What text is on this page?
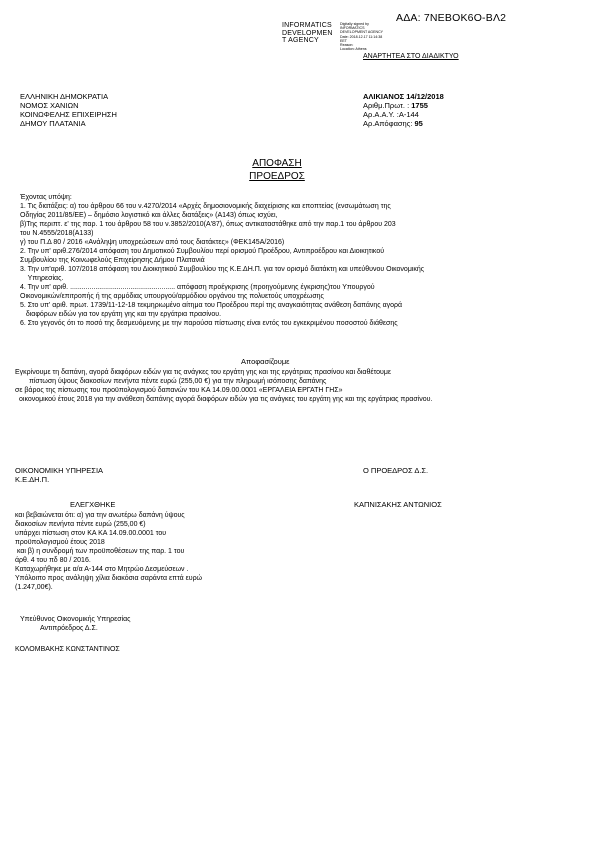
ΑΔΑ: 7ΝΕΒΟΚ6Ο-ΒΛ2
INFORMATICS
DEVELOPMEN
T AGENCY
Digitally signed by
INFORMATICS
DEVELOPMENT AGENCY
Date: 2018.12.17 11:14:38
EET
Reason:
Location: Athens
ΑΝΑΡΤΗΤΕΑ ΣΤΟ ΔΙΑΔΙΚΤΥΟ
ΕΛΛΗΝΙΚΗ ΔΗΜΟΚΡΑΤΙΑ
ΝΟΜΟΣ ΧΑΝΙΩΝ
ΚΟΙΝΩΦΕΛΗΣ ΕΠΙΧΕΙΡΗΣΗ
ΔΗΜΟΥ ΠΛΑΤΑΝΙΑ
ΑΛΙΚΙΑΝΟΣ 14/12/2018
Αριθμ.Πρωτ. : 1755
Αρ.Α.Α.Υ. :Α-144
Αρ.Απόφασης: 95
ΑΠΟΦΑΣΗ
ΠΡΟΕΔΡΟΣ
Έχοντας υπόψη:
1. Τις διατάξεις: α) του άρθρου 66 του ν.4270/2014 «Αρχές δημοσιονομικής διαχείρισης και εποπτείας (ενσωμάτωση της
Οδηγίας 2011/85/ΕΕ) – δημόσιο λογιστικό και άλλες διατάξεις» (Α143) όπως ισχύει,
β)Της περιπτ. ε' της παρ. 1 του άρθρου 58 του ν.3852/2010(Α'87), όπως αντικαταστάθηκε από την παρ.1 του άρθρου 203
του Ν.4555/2018(Α133)
γ) του Π.Δ 80 / 2016 «Ανάληψη υποχρεώσεων από τους διατάκτες» (ΦΕΚ145Α/2016)
2. Την υπ' αριθ.276/2014 απόφαση του Δημοτικού Συμβουλίου περί ορισμού Προέδρου, Αντιπροέδρου και Διοικητικού
Συμβουλίου της Κοινωφελούς Επιχείρησης Δήμου Πλατανιά
3. Την υπ'αριθ. 107/2018 απόφαση του Διοικητικού Συμβουλίου της Κ.Ε.ΔΗ.Π. για τον ορισμό διατάκτη και υπεύθυνου Οικονομικής
Υπηρεσίας.
4. Την υπ' αριθ. ...................................................... απόφαση προέγκρισης (προηγούμενης έγκρισης)του Υπουργού
Οικονομικών/επιτροπής ή της αρμόδιας υπουργού/αρμόδιου οργάνου της πολυετούς υποχρέωσης
5. Στο υπ' αριθ. πρωτ. 1739/11-12-18 τεκμηριωμένο αίτημα του Προέδρου περί της αναγκαιότητας ανάθεση δαπάνης αγορά
διαφόρων ειδών για τον εργάτη γης και την εργάτρια πρασίνου.
6. Στο γεγονός ότι το ποσό της δεσμευόμενης με την παρούσα πίστωσης είναι εντός του εγκεκριμένου ποσοστού διάθεσης
Αποφασίζουμε
Εγκρίνουμε τη δαπάνη, αγορά διαφόρων ειδών για τις ανάγκες του εργάτη γης και της εργάτριας πρασίνου και διαθέτουμε
πίστωση ύψους διακοσίων πενήντα πέντε ευρώ (255,00 €) για την πληρωμή ισόποσης δαπάνης
σε βάρος της πίστωσης του προϋπολογισμού δαπανών του ΚΑ 14.09.00.0001 «ΕΡΓΑΛΕΙΑ ΕΡΓΑΤΗ ΓΗΣ»
οικονομικού έτους 2018 για την ανάθεση δαπάνης αγορά διαφόρων ειδών για τις ανάγκες του εργάτη γης και της εργάτριας πρασίνου.
ΟΙΚΟΝΟΜΙΚΗ ΥΠΗΡΕΣΙΑ
Κ.Ε.ΔΗ.Π.
ΕΛΕΓΧΘΗΚΕ
και βεβαιώνεται ότι: α) για την ανωτέρω δαπάνη ύψους
διακοσίων πενήντα πέντε ευρώ (255,00 €)
υπάρχει πίστωση στον ΚΑ ΚΑ 14.09.00.0001 του
προϋπολογισμού έτους 2018
και β) η συνδρομή των προϋποθέσεων της παρ. 1 του
άρθ. 4 του πδ 80 / 2016.
Καταχωρήθηκε με α/α Α-144 στο Μητρώο Δεσμεύσεων .
Υπόλοιπο προς ανάληψη χίλια διακόσια σαράντα επτά ευρώ
(1.247,00€).
Υπεύθυνος Οικονομικής Υπηρεσίας
Αντιπρόεδρος Δ.Σ.
ΚΟΛΟΜΒΑΚΗΣ ΚΩΝΣΤΑΝΤΙΝΟΣ
Ο ΠΡΟΕΔΡΟΣ Δ.Σ.
ΚΑΠΝΙΣΑΚΗΣ ΑΝΤΩΝΙΟΣ
